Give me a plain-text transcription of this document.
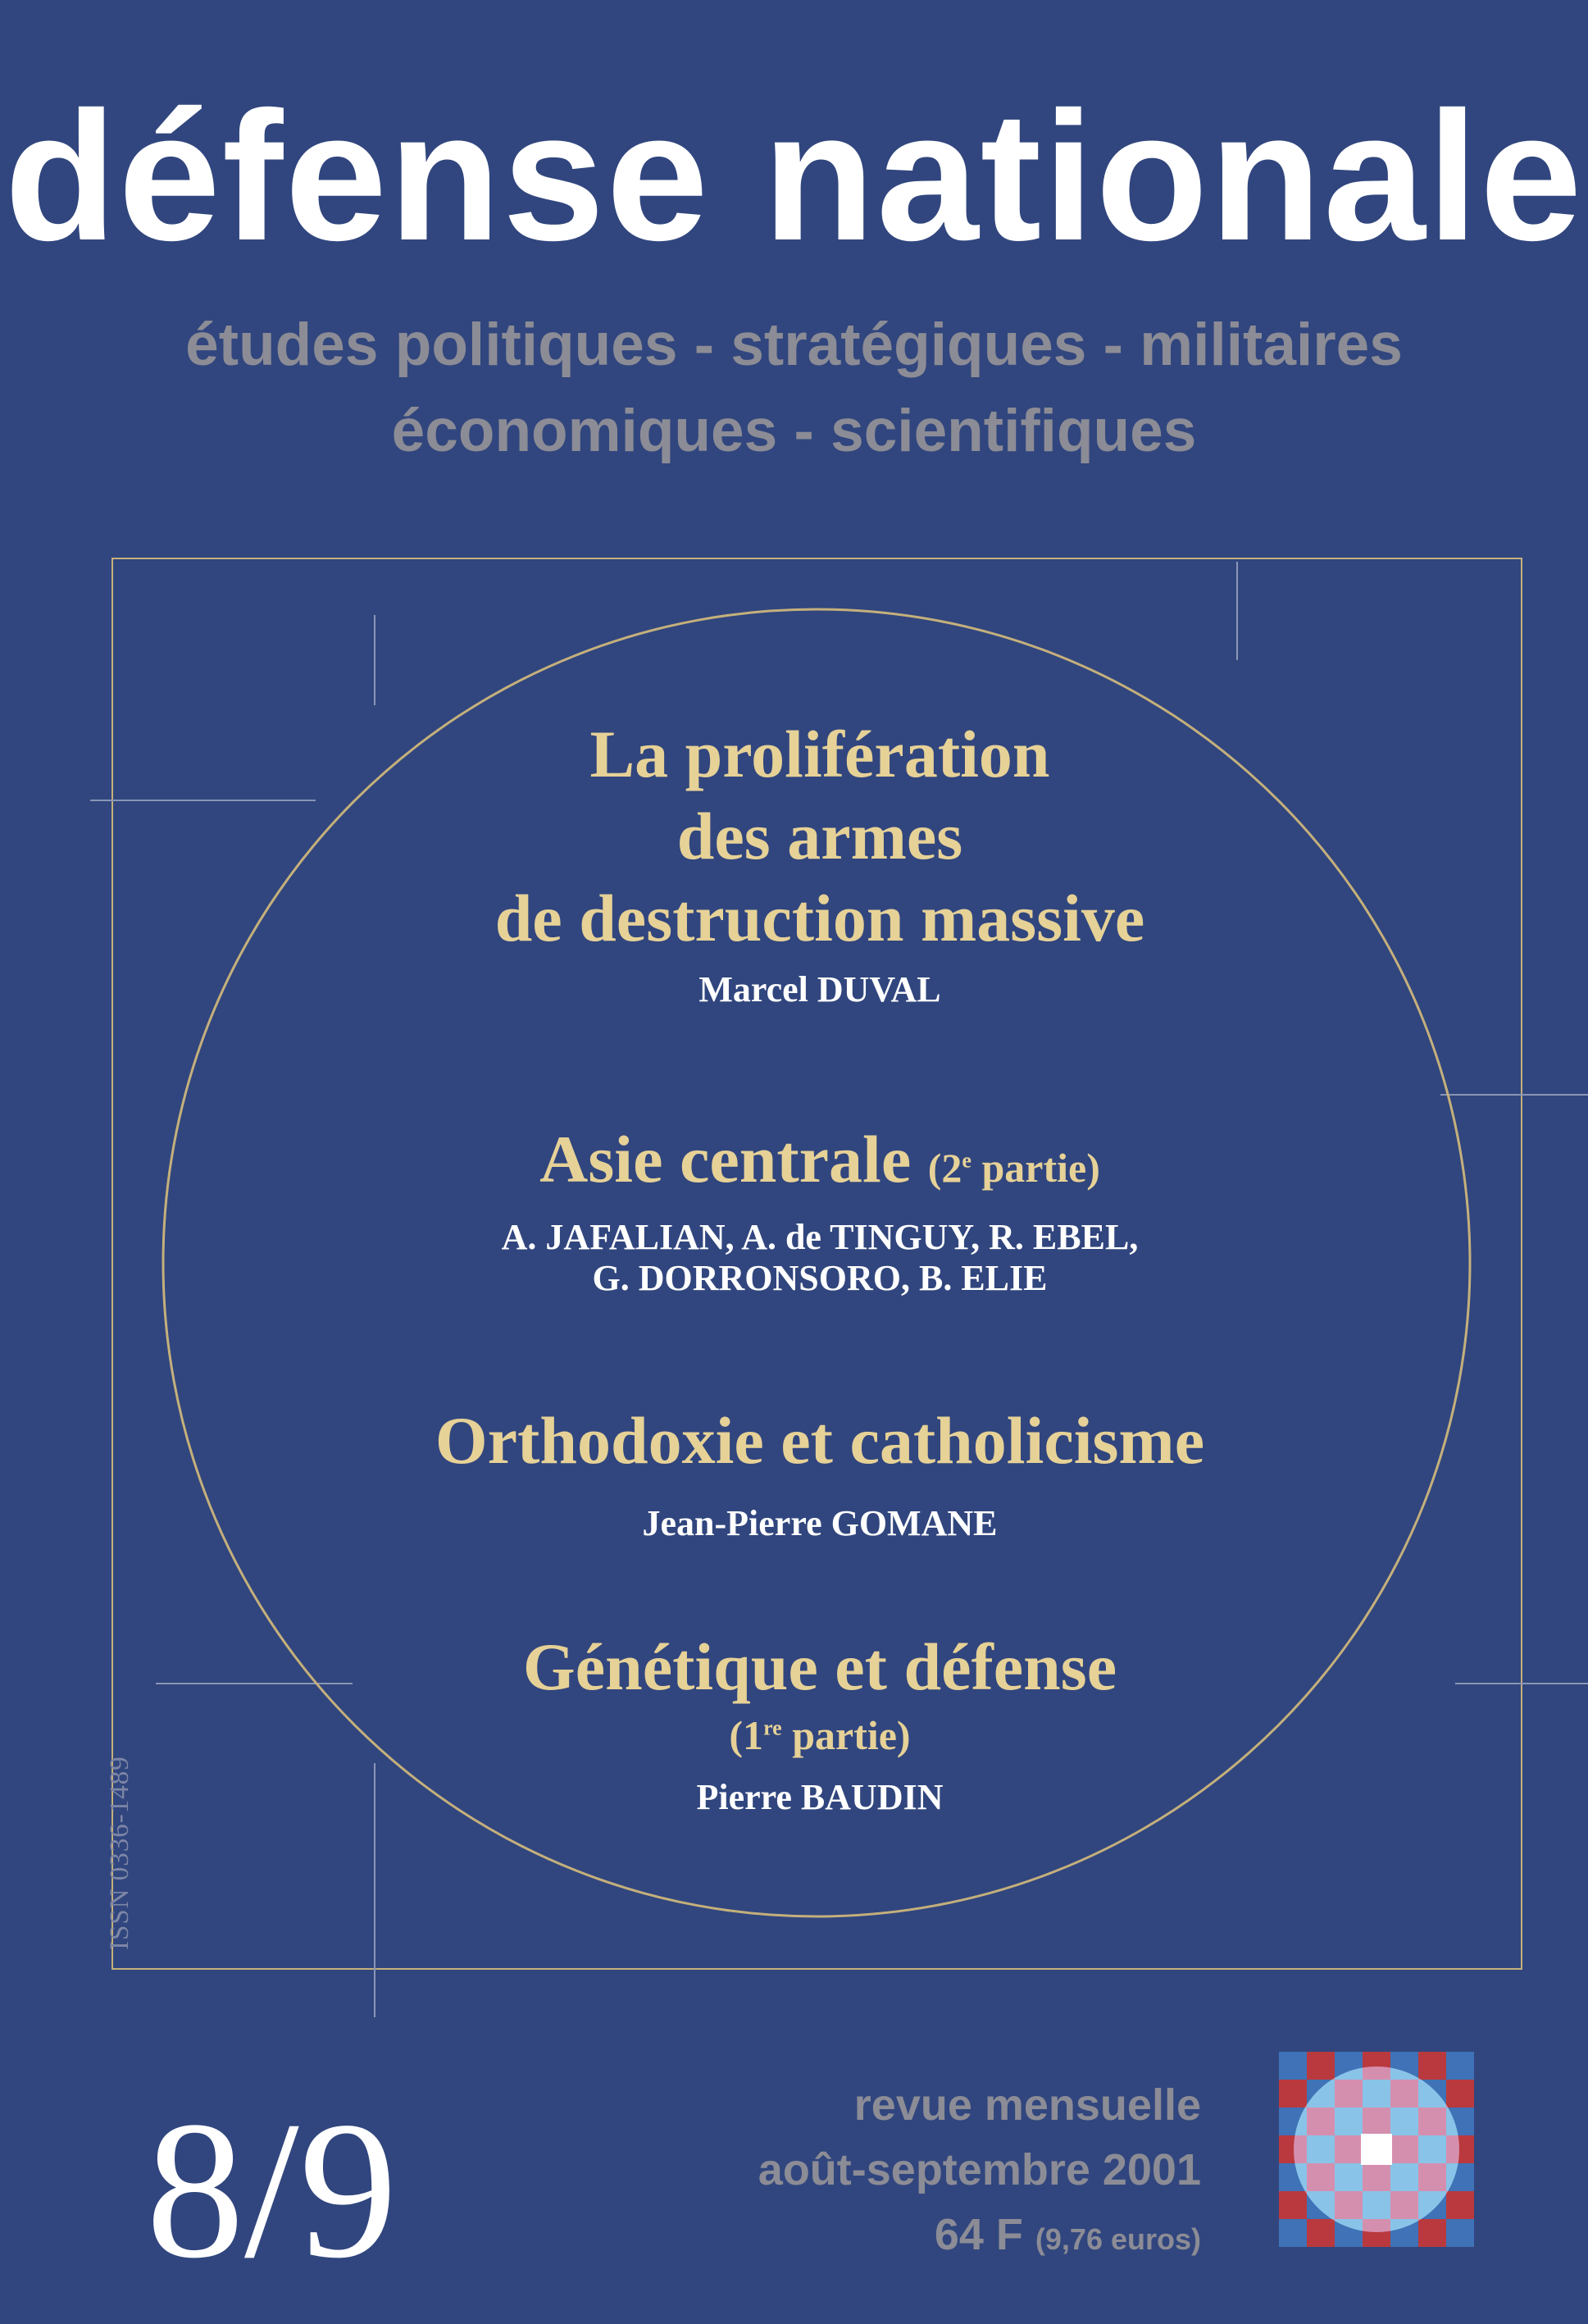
défense nationale
études politiques - stratégiques - militaires
économiques - scientifiques
La prolifération
des armes
de destruction massive
Marcel DUVAL
Asie centrale (2e partie)
A. JAFALIAN, A. de TINGUY, R. EBEL,
G. DORRONSORO, B. ELIE
Orthodoxie et catholicisme
Jean-Pierre GOMANE
Génétique et défense
(1re partie)
Pierre BAUDIN
ISSN 0336-1489
8/9	revue mensuelle
août-septembre 2001
64 F (9,76 euros)
